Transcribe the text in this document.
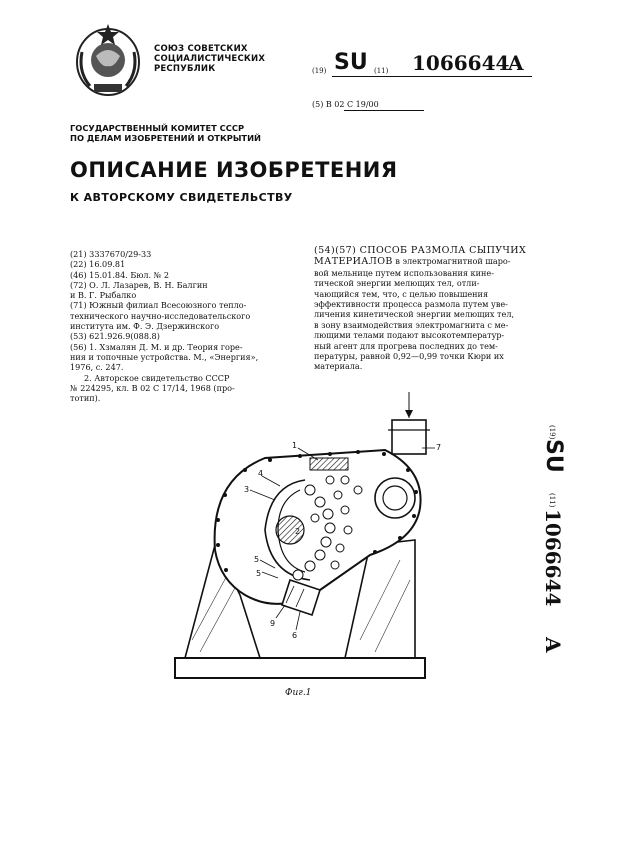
СОЮЗ СОВЕТСКИХ
СОЦИАЛИСТИЧЕСКИХ
РЕСПУБЛИК	(19) SU (11) 1066644
A
(5) В 02 С 19/00
ГОСУДАРСТВЕННЫЙ КОМИТЕТ СССР
ПО ДЕЛАМ ИЗОБРЕТЕНИЙ И ОТКРЫТИЙ
ОПИСАНИЕ ИЗОБРЕТЕНИЯ
К АВТОРСКОМУ СВИДЕТЕЛЬСТВУ
(21) 3337670/29-33
(22) 16.09.81
(46) 15.01.84. Бюл. № 2
(72) О. Л. Лазарев, В. Н. Балгин
и В. Г. Рыбалко
(71) Южный филиал Всесоюзного тепло-
технического научно-исследовательского
института им. Ф. Э. Дзержинского
(53) 621.926.9(088.8)
(56) 1. Хзмалян Д. М. и др. Теория горе-
ния и топочные устройства. М., «Энергия»,
1976, с. 247.
2. Авторское свидетельство СССР
№ 224295, кл. В 02 С 17/14, 1968 (про-
тотип).
(54)(57) СПОСОБ РАЗМОЛА СЫПУЧИХ
МАТЕРИАЛОВ в электромагнитной шаро-
вой мельнице путем использования кине-
тической энергии мелющих тел, отли-
чающийся тем, что, с целью повышения
эффективности процесса размола путем уве-
личения кинетической энергии мелющих тел,
в зону взаимодействия электромагнита с ме-
лющими телами подают высокотемператур-
ный агент для прогрева последних до тем-
пературы, равной 0,92—0,99 точки Кюри их
материала.
(19)
SU
(11)
1066644
A
1	7
3
4
2
5
5
9
6
Фиг.1
